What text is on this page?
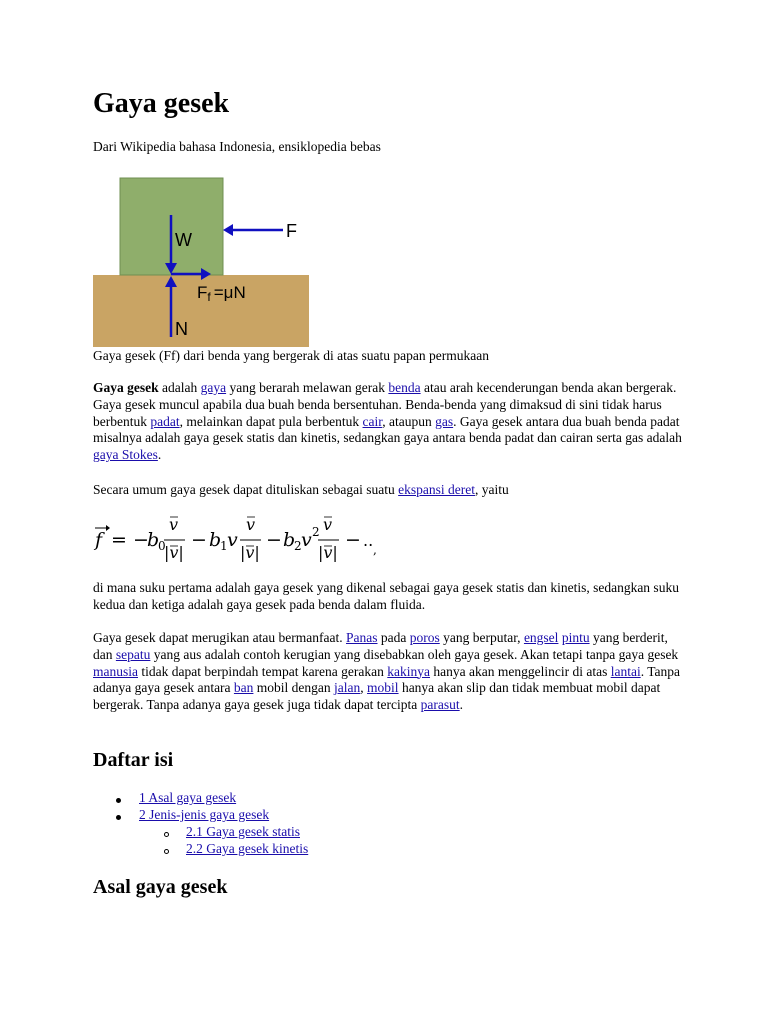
Gaya gesek
Dari Wikipedia bahasa Indonesia, ensiklopedia bebas
W	F
Ff =μN
N
Gaya gesek (Ff) dari benda yang bergerak di atas suatu papan permukaan

Gaya gesek adalah gaya yang berarah melawan gerak benda atau arah kecenderungan benda akan bergerak. Gaya gesek muncul apabila dua buah benda bersentuhan. Benda-benda yang dimaksud di sini tidak harus berbentuk padat, melainkan dapat pula berbentuk cair, ataupun gas. Gaya gesek antara dua buah benda padat misalnya adalah gaya gesek statis dan kinetis, sedangkan gaya antara benda padat dan cairan serta gas adalah gaya Stokes.

Secara umum gaya gesek dapat dituliskan sebagai suatu ekspansi deret, yaitu

f = −
b
0
v
|v|
− b
1 v
v
|v|
− b
2 v 2 v
|v|
− .. ,

di mana suku pertama adalah gaya gesek yang dikenal sebagai gaya gesek statis dan kinetis, sedangkan suku kedua dan ketiga adalah gaya gesek pada benda dalam fluida.

Gaya gesek dapat merugikan atau bermanfaat. Panas pada poros yang berputar, engsel pintu yang berderit, dan sepatu yang aus adalah contoh kerugian yang disebabkan oleh gaya gesek. Akan tetapi tanpa gaya gesek manusia tidak dapat berpindah tempat karena gerakan kakinya hanya akan menggelincir di atas lantai. Tanpa adanya gaya gesek antara ban mobil dengan jalan, mobil hanya akan slip dan tidak membuat mobil dapat bergerak. Tanpa adanya gaya gesek juga tidak dapat tercipta parasut.

Daftar isi
1 Asal gaya gesek
2 Jenis-jenis gaya gesek
2.1 Gaya gesek statis
2.2 Gaya gesek kinetis
Asal gaya gesek
